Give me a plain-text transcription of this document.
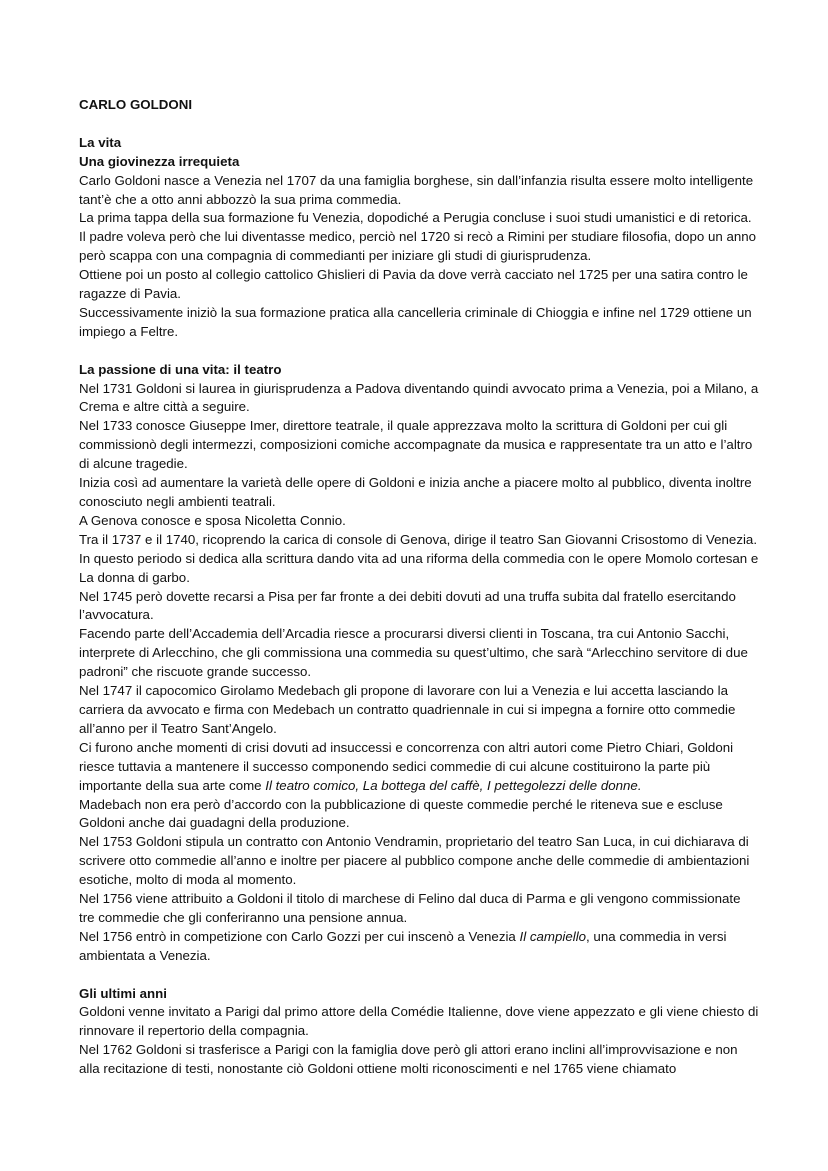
CARLO GOLDONI

La vita

Una giovinezza irrequieta

Carlo Goldoni nasce a Venezia nel 1707 da una famiglia borghese, sin dall’infanzia risulta essere molto intelligente tant’è che a otto anni abbozzò la sua prima commedia.

La prima tappa della sua formazione fu Venezia, dopodiché a Perugia concluse i suoi studi umanistici e di retorica. Il padre voleva però che lui diventasse medico, perciò nel 1720 si recò a Rimini per studiare filosofia, dopo un anno però scappa con una compagnia di commedianti per iniziare gli studi di giurisprudenza.

Ottiene poi un posto al collegio cattolico Ghislieri di Pavia da dove verrà cacciato nel 1725 per una satira contro le ragazze di Pavia.

Successivamente iniziò la sua formazione pratica alla cancelleria criminale di Chioggia e infine nel 1729 ottiene un impiego a Feltre.

La passione di una vita: il teatro

Nel 1731 Goldoni si laurea in giurisprudenza a Padova diventando quindi avvocato prima a Venezia, poi a Milano, a Crema e altre città a seguire.

Nel 1733 conosce Giuseppe Imer, direttore teatrale, il quale apprezzava molto la scrittura di Goldoni per cui gli commissionò degli intermezzi, composizioni comiche accompagnate da musica e rappresentate tra un atto e l’altro di alcune tragedie.

Inizia così ad aumentare la varietà delle opere di Goldoni e inizia anche a piacere molto al pubblico, diventa inoltre conosciuto negli ambienti teatrali.

A Genova conosce e sposa Nicoletta Connio.

Tra il 1737 e il 1740, ricoprendo la carica di console di Genova, dirige il teatro San Giovanni Crisostomo di Venezia. In questo periodo si dedica alla scrittura dando vita ad una riforma della commedia con le opere Momolo cortesan e La donna di garbo.

Nel 1745 però dovette recarsi a Pisa per far fronte a dei debiti dovuti ad una truffa subita dal fratello esercitando l’avvocatura.

Facendo parte dell’Accademia dell’Arcadia riesce a procurarsi diversi clienti in Toscana, tra cui Antonio Sacchi, interprete di Arlecchino, che gli commissiona una commedia su quest’ultimo, che sarà “Arlecchino servitore di due padroni” che riscuote grande successo.

Nel 1747 il capocomico Girolamo Medebach gli propone di lavorare con lui a Venezia e lui accetta lasciando la carriera da avvocato e firma con Medebach un contratto quadriennale in cui si impegna a fornire otto commedie all’anno per il Teatro Sant’Angelo.

Ci furono anche momenti di crisi dovuti ad insuccessi e concorrenza con altri autori come Pietro Chiari, Goldoni riesce tuttavia a mantenere il successo componendo sedici commedie di cui alcune costituirono la parte più importante della sua arte come Il teatro comico, La bottega del caffè, I pettegolezzi delle donne.

Madebach non era però d’accordo con la pubblicazione di queste commedie perché le riteneva sue e escluse Goldoni anche dai guadagni della produzione.

Nel 1753 Goldoni stipula un contratto con Antonio Vendramin, proprietario del teatro San Luca, in cui dichiarava di scrivere otto commedie all’anno e inoltre per piacere al pubblico compone anche delle commedie di ambientazioni esotiche, molto di moda al momento.

Nel 1756 viene attribuito a Goldoni il titolo di marchese di Felino dal duca di Parma e gli vengono commissionate tre commedie che gli conferiranno una pensione annua.

Nel 1756 entrò in competizione con Carlo Gozzi per cui inscenò a Venezia Il campiello, una commedia in versi ambientata a Venezia.

Gli ultimi anni

Goldoni venne invitato a Parigi dal primo attore della Comédie Italienne, dove viene appezzato e gli viene chiesto di rinnovare il repertorio della compagnia.

Nel 1762 Goldoni si trasferisce a Parigi con la famiglia dove però gli attori erano inclini all’improvvisazione e non alla recitazione di testi, nonostante ciò Goldoni ottiene molti riconoscimenti e nel 1765 viene chiamato
